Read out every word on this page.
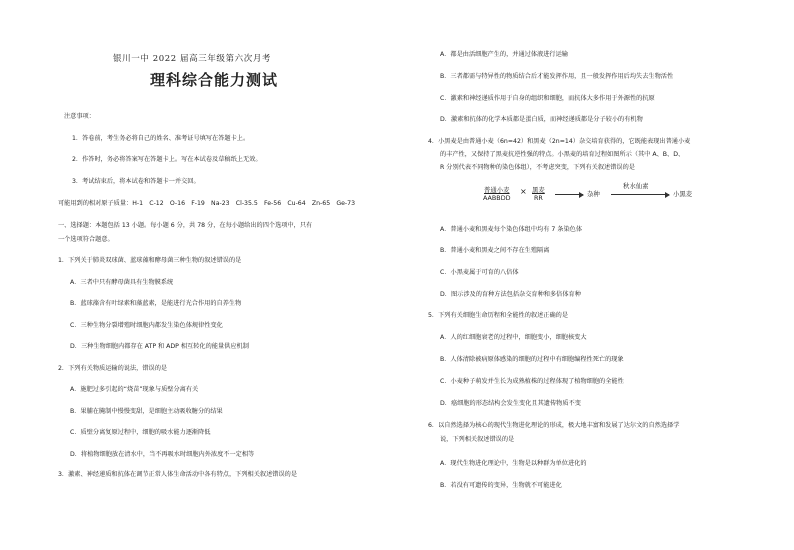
银川一中 2022 届高三年级第六次月考
理科综合能力测试
注意事项：
1．答卷前，考生务必将自己的姓名、准考证号填写在答题卡上。
2．作答时，务必将答案写在答题卡上。写在本试卷及草稿纸上无效。
3．考试结束后，将本试卷和答题卡一并交回。
可能用到的相对原子质量：H-1　C-12　O-16　F-19　Na-23　Cl-35.5　Fe-56　Cu-64　Zn-65　Ge-73
一、选择题：本题包括 13 小题。每小题 6 分，共 78 分，在每小题给出的四个选项中，只有
一个选项符合题意。
1．下列关于肺炎双球菌、蓝球藻和酵母菌三种生物的叙述错误的是
A．三者中只有酵母菌具有生物膜系统
B．蓝球藻含有叶绿素和藻蓝素，是能进行光合作用的自养生物
C．三种生物分裂增殖时细胞内都发生染色体规律性变化
D．三种生物细胞内都存在 ATP 和 ADP 相互转化的能量供应机制
2．下列有关物质运输的说法，错误的是
A．施肥过多引起的“烧苗”现象与质壁分离有关
B．果脯在腌制中慢慢变甜，是细胞主动吸收糖分的结果
C．质壁分离复原过程中，细胞的吸水能力逐渐降低
D．将植物细胞放在清水中，当不再吸水时细胞内外浓度不一定相等
3．激素、神经递质和抗体在调节正常人体生命活动中各有特点，下列相关叙述错误的是
A．都是由活细胞产生的，并通过体液进行运输
B．三者都需与特异性的物质结合后才能发挥作用，且一般发挥作用后均失去生物活性
C．激素和神经递质作用于自身的组织和细胞，而抗体大多作用于外源性的抗原
D．激素和抗体的化学本质都是蛋白质，而神经递质都是分子较小的有机物
4．小黑麦是由普通小麦（6n=42）和黑麦（2n=14）杂交培育获得的，它既能表现出普通小麦
的丰产性，又保持了黑麦抗逆性强的特点。小黑麦的培育过程如图所示（其中 A、B、D、
R 分别代表不同物种的染色体组），不考虑突变，下列有关叙述错误的是
普通小麦
AABBDD
× 黑麦
RR	杂种
秋水仙素
小黑麦
A．普通小麦和黑麦每个染色体组中均有 7 条染色体
B．普通小麦和黑麦之间不存在生殖隔离
C．小黑麦属于可育的八倍体
D．图示涉及的育种方法包括杂交育种和多倍体育种
5．下列有关细胞生命历程和全能性的叙述正确的是
A．人的红细胞衰老的过程中，细胞变小，细胞核变大
B．人体清除被病原体感染的细胞的过程中有细胞编程性死亡的现象
C．小麦种子萌发并生长为成熟植株的过程体现了植物细胞的全能性
D．癌细胞的形态结构会发生变化且其遗传物质不变
6．以自然选择为核心的现代生物进化理论的形成，极大地丰富和发展了达尔文的自然选择学
说，下列相关叙述错误的是
A．现代生物进化理论中，生物是以种群为单位进化的
B．若没有可遗传的变异，生物就不可能进化
